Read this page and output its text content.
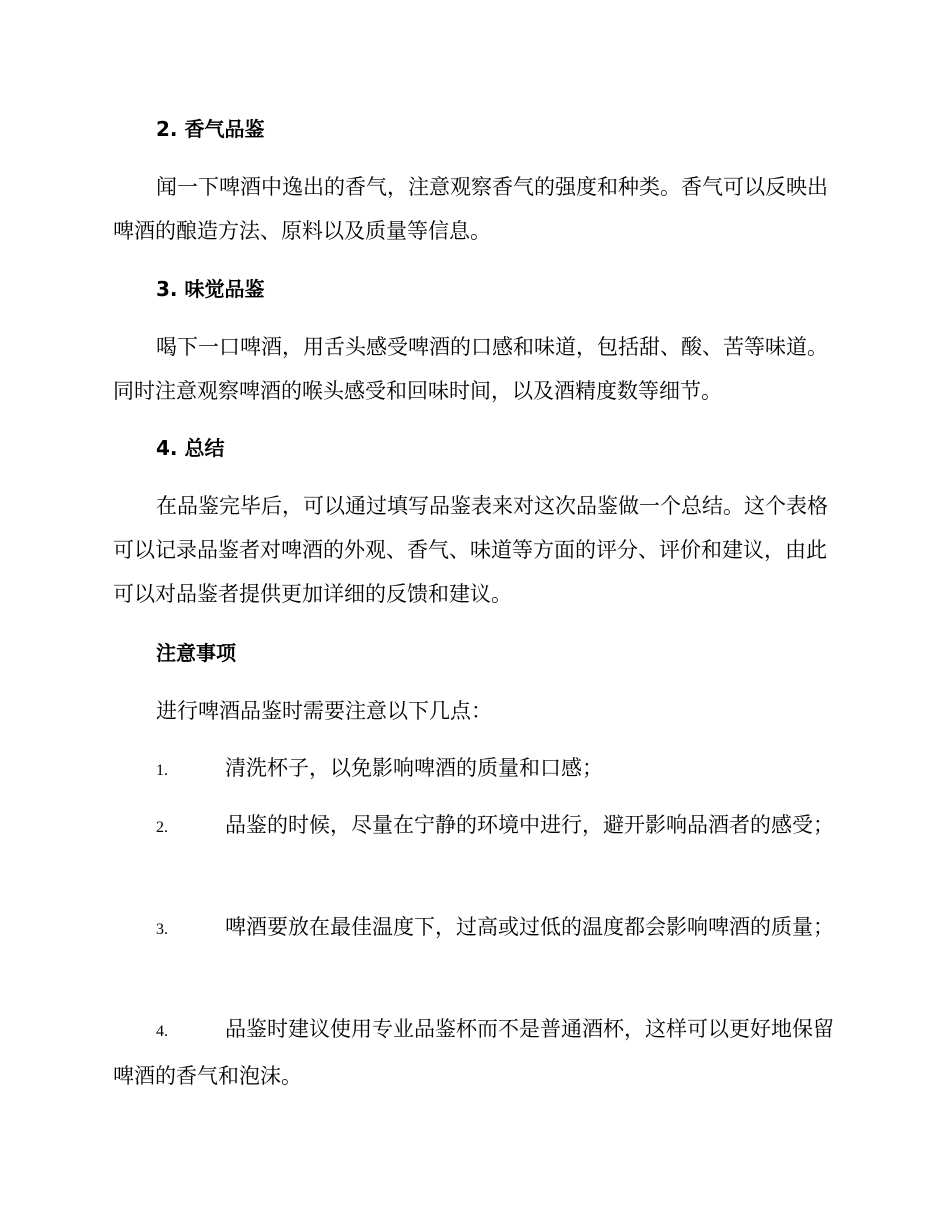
2. 香气品鉴

闻一下啤酒中逸出的香气，注意观察香气的强度和种类。香气可以反映出啤酒的酿造方法、原料以及质量等信息。

3. 味觉品鉴

喝下一口啤酒，用舌头感受啤酒的口感和味道，包括甜、酸、苦等味道。同时注意观察啤酒的喉头感受和回味时间，以及酒精度数等细节。

4. 总结

在品鉴完毕后，可以通过填写品鉴表来对这次品鉴做一个总结。这个表格可以记录品鉴者对啤酒的外观、香气、味道等方面的评分、评价和建议，由此可以对品鉴者提供更加详细的反馈和建议。

注意事项
进行啤酒品鉴时需要注意以下几点：

1.	清洗杯子，以免影响啤酒的质量和口感；

2.	品鉴的时候，尽量在宁静的环境中进行，避开影响品酒者的感受；

3.	啤酒要放在最佳温度下，过高或过低的温度都会影响啤酒的质量；

4.	品鉴时建议使用专业品鉴杯而不是普通酒杯，这样可以更好地保留啤酒的香气和泡沫。
